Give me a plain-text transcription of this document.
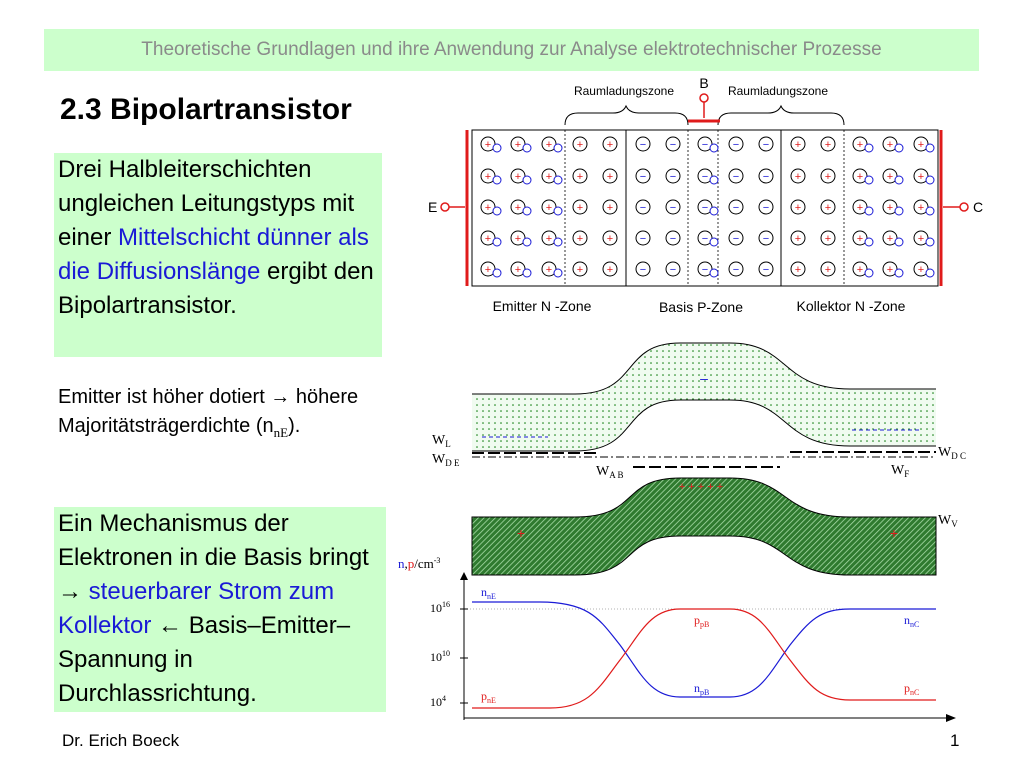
Theoretische Grundlagen und ihre Anwendung zur Analyse elektrotechnischer Prozesse
2.3 Bipolartransistor
Drei Halbleiterschichten ungleichen Leitungstyps mit einer Mittelschicht dünner als die Diffusionslänge ergibt den Bipolartransistor.
Emitter ist höher dotiert → höhere Majoritätsträgerdichte $(n_{nE})$.
Ein Mechanismus der Elektronen in die Basis bringt → steuerbarer Strom zum Kollektor ← Basis–Emitter–Spannung in Durchlassrichtung.
Dr. Erich Boeck	1
Raumladungszone	Raumladungszone
B
E	C
+ + + + +	+ + + + +
− − − − −
+ + + + +	+ + + + +
− − − − −
+ + + + +	+ + + + +
− − − − −
+ + + + +	+ + + + +
− − − − −
+ + + + +	+ + + + +
− − − − −
Emitter N -Zone	Basis P-Zone	Kollektor N -Zone
–
+ + + + +
+	+
$W_L$
$W_{D E}$
$W_{A B}$
$W_{D C}$
$W_F$
$W_V$
$n,p/cm^{-3}$
$10^{16}$
$10^{10}$
$10^4$
$n_{nE}$
$p_{pB}$	$n_{nC}$
$n_{pB}$
$p_{nE}$
$p_{nC}$
